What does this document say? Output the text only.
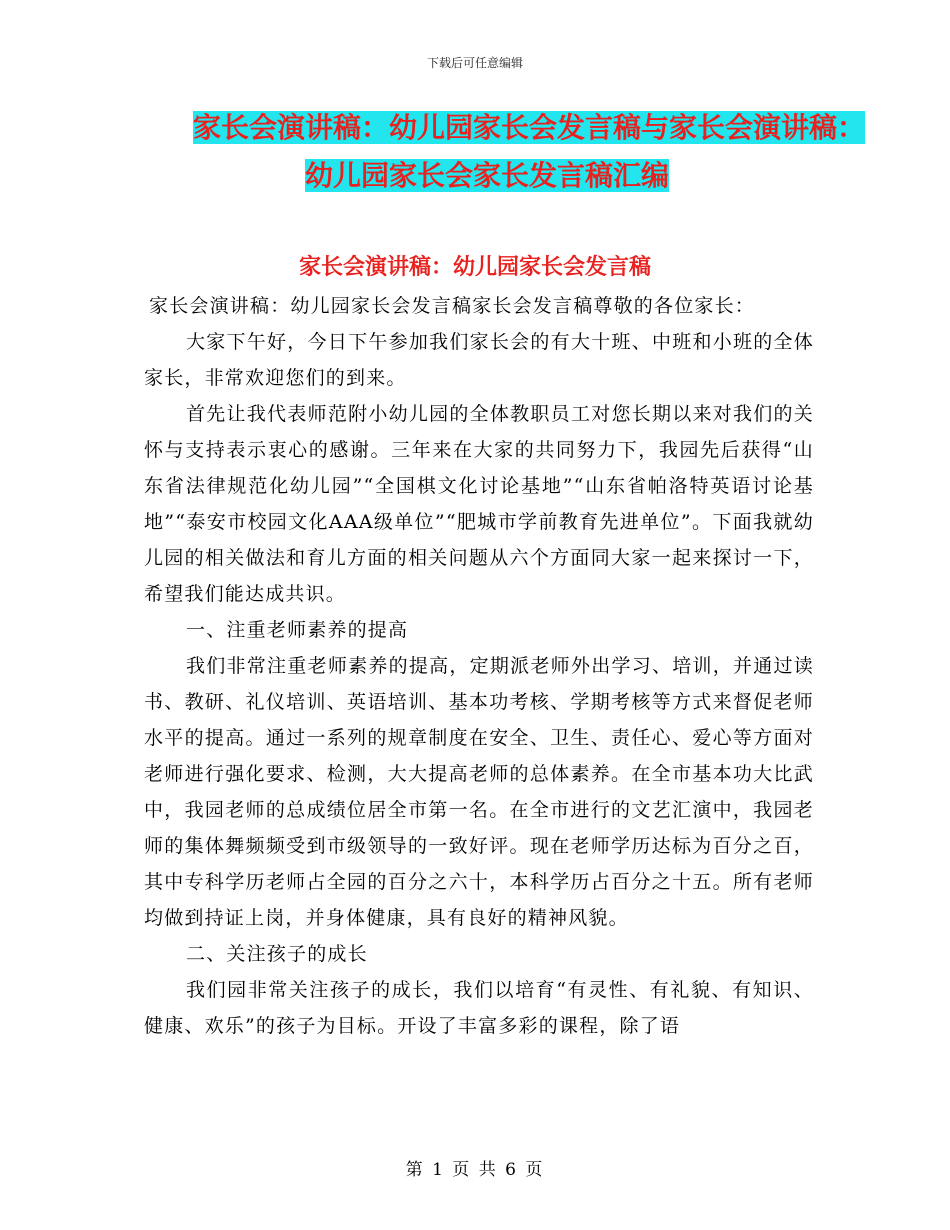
下载后可任意编辑
家长会演讲稿：幼儿园家长会发言稿与家长会演讲稿：
幼儿园家长会家长发言稿汇编
家长会演讲稿：幼儿园家长会发言稿

家长会演讲稿：幼儿园家长会发言稿家长会发言稿尊敬的各位家长：

大家下午好，今日下午参加我们家长会的有大十班、中班和小班的全体家长，非常欢迎您们的到来。

首先让我代表师范附小幼儿园的全体教职员工对您长期以来对我们的关怀与支持表示衷心的感谢。三年来在大家的共同努力下，我园先后获得“山东省法律规范化幼儿园”“全国棋文化讨论基地”“山东省帕洛特英语讨论基地”“泰安市校园文化AAA级单位”“肥城市学前教育先进单位”。下面我就幼儿园的相关做法和育儿方面的相关问题从六个方面同大家一起来探讨一下，希望我们能达成共识。

一、注重老师素养的提高

我们非常注重老师素养的提高，定期派老师外出学习、培训，并通过读书、教研、礼仪培训、英语培训、基本功考核、学期考核等方式来督促老师水平的提高。通过一系列的规章制度在安全、卫生、责任心、爱心等方面对老师进行强化要求、检测，大大提高老师的总体素养。在全市基本功大比武中，我园老师的总成绩位居全市第一名。在全市进行的文艺汇演中，我园老师的集体舞频频受到市级领导的一致好评。现在老师学历达标为百分之百，其中专科学历老师占全园的百分之六十，本科学历占百分之十五。所有老师均做到持证上岗，并身体健康，具有良好的精神风貌。

二、关注孩子的成长

我们园非常关注孩子的成长，我们以培育“有灵性、有礼貌、有知识、健康、欢乐”的孩子为目标。开设了丰富多彩的课程，除了语

第 1 页 共 6 页
